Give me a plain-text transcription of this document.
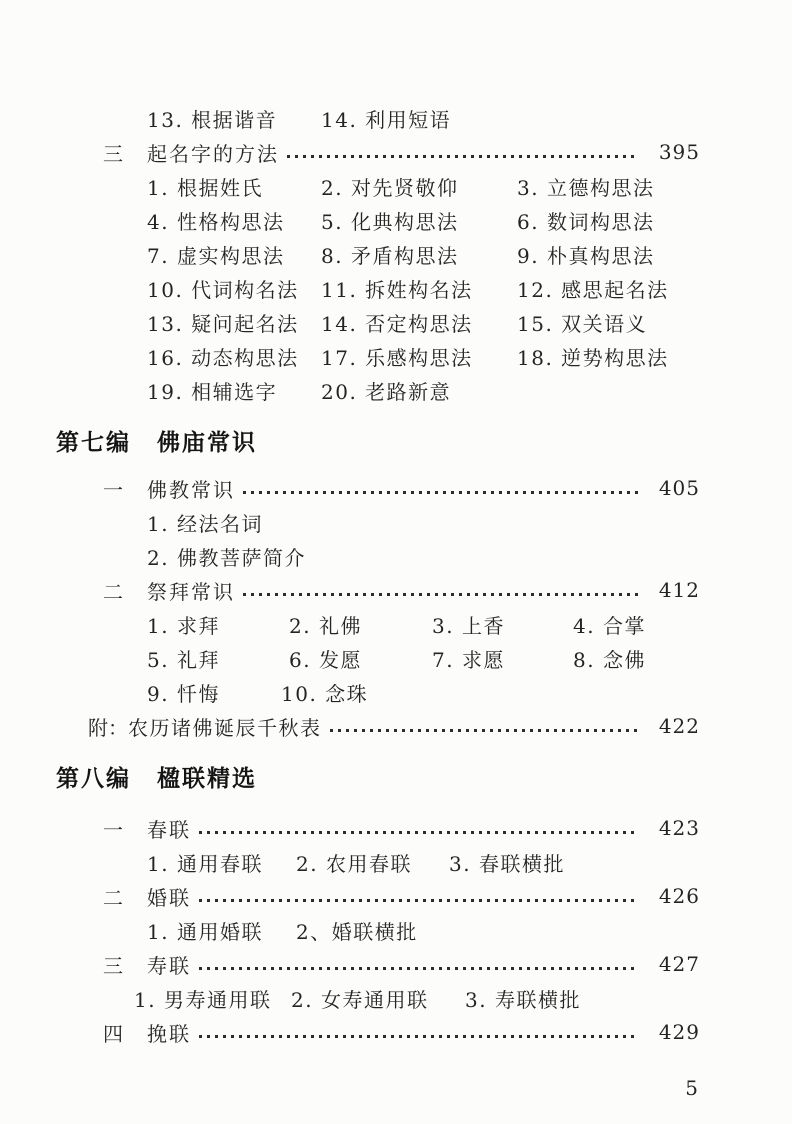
13. 根据谐音	14. 利用短语
三	起名字的方法	395
1. 根据姓氏	2. 对先贤敬仰	3. 立德构思法
4. 性格构思法	5. 化典构思法	6. 数词构思法
7. 虚实构思法	8. 矛盾构思法	9. 朴真构思法
10. 代词构名法	11. 拆姓构名法	12. 感思起名法
13. 疑问起名法	14. 否定构思法	15. 双关语义
16. 动态构思法	17. 乐感构思法	18. 逆势构思法
19. 相辅选字	20. 老路新意
第七编 佛庙常识
一	佛教常识	405
1. 经法名词
2. 佛教菩萨简介
二	祭拜常识	412
1. 求拜	2. 礼佛	3. 上香	4. 合掌
5. 礼拜	6. 发愿	7. 求愿	8. 念佛
9. 忏悔	10. 念珠
附： 农历诸佛诞辰千秋表	422
第八编 楹联精选
一	春联	423
1. 通用春联	2. 农用春联	3. 春联横批
二	婚联	426
1. 通用婚联	2、婚联横批
三	寿联	427
1. 男寿通用联 2. 女寿通用联	3. 寿联横批
四	挽联	429
5
